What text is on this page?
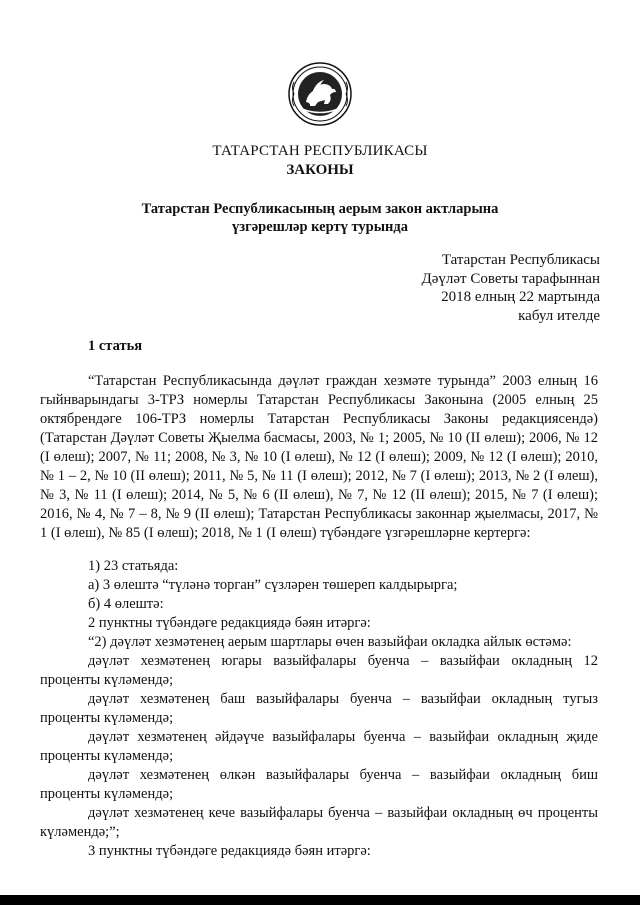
ТАТАРСТАН РЕСПУБЛИКАСЫ
ЗАКОНЫ
Татарстан Республикасының аерым закон актларына
үзгәрешләр кертү турында
Татарстан Республикасы
Дәүләт Советы тарафыннан
2018 елның 22 мартында
кабул ителде
1 статья

“Татарстан Республикасында дәүләт граждан хезмәте турында” 2003 елның 16 гыйнварындагы 3-ТРЗ номерлы Татарстан Республикасы Законына (2005 елның 25 октябрендәге 106-ТРЗ номерлы Татарстан Республикасы Законы редакциясендә) (Татарстан Дәүләт Советы Җыелма басмасы, 2003, № 1; 2005, № 10 (II өлеш); 2006, № 12 (I өлеш); 2007, № 11; 2008, № 3, № 10 (I өлеш), № 12 (I өлеш); 2009, № 12 (I өлеш); 2010, № 1 – 2, № 10 (II өлеш); 2011, № 5, № 11 (I өлеш); 2012, № 7 (I өлеш); 2013, № 2 (I өлеш), № 3, № 11 (I өлеш); 2014, № 5, № 6 (II өлеш), № 7, № 12 (II өлеш); 2015, № 7 (I өлеш); 2016, № 4, № 7 – 8, № 9 (II өлеш); Татарстан Республикасы законнар җыелмасы, 2017, № 1 (I өлеш), № 85 (I өлеш); 2018, № 1 (I өлеш) түбәндәге үзгәрешләрне кертергә:

1) 23 статьяда:

а) 3 өлештә “түләнә торган” сүзләрен төшереп калдырырга;

б) 4 өлештә:

2 пунктны түбәндәге редакциядә бәян итәргә:

“2) дәүләт хезмәтенең аерым шартлары өчен вазыйфаи окладка айлык өстәмә:

дәүләт хезмәтенең югары вазыйфалары буенча – вазыйфаи окладның 12 проценты күләмендә;

дәүләт хезмәтенең баш вазыйфалары буенча – вазыйфаи окладның тугыз проценты күләмендә;

дәүләт хезмәтенең әйдәүче вазыйфалары буенча – вазыйфаи окладның җиде проценты күләмендә;

дәүләт хезмәтенең өлкән вазыйфалары буенча – вазыйфаи окладның биш проценты күләмендә;

дәүләт хезмәтенең кече вазыйфалары буенча – вазыйфаи окладның өч проценты күләмендә;”;

3 пунктны түбәндәге редакциядә бәян итәргә:
